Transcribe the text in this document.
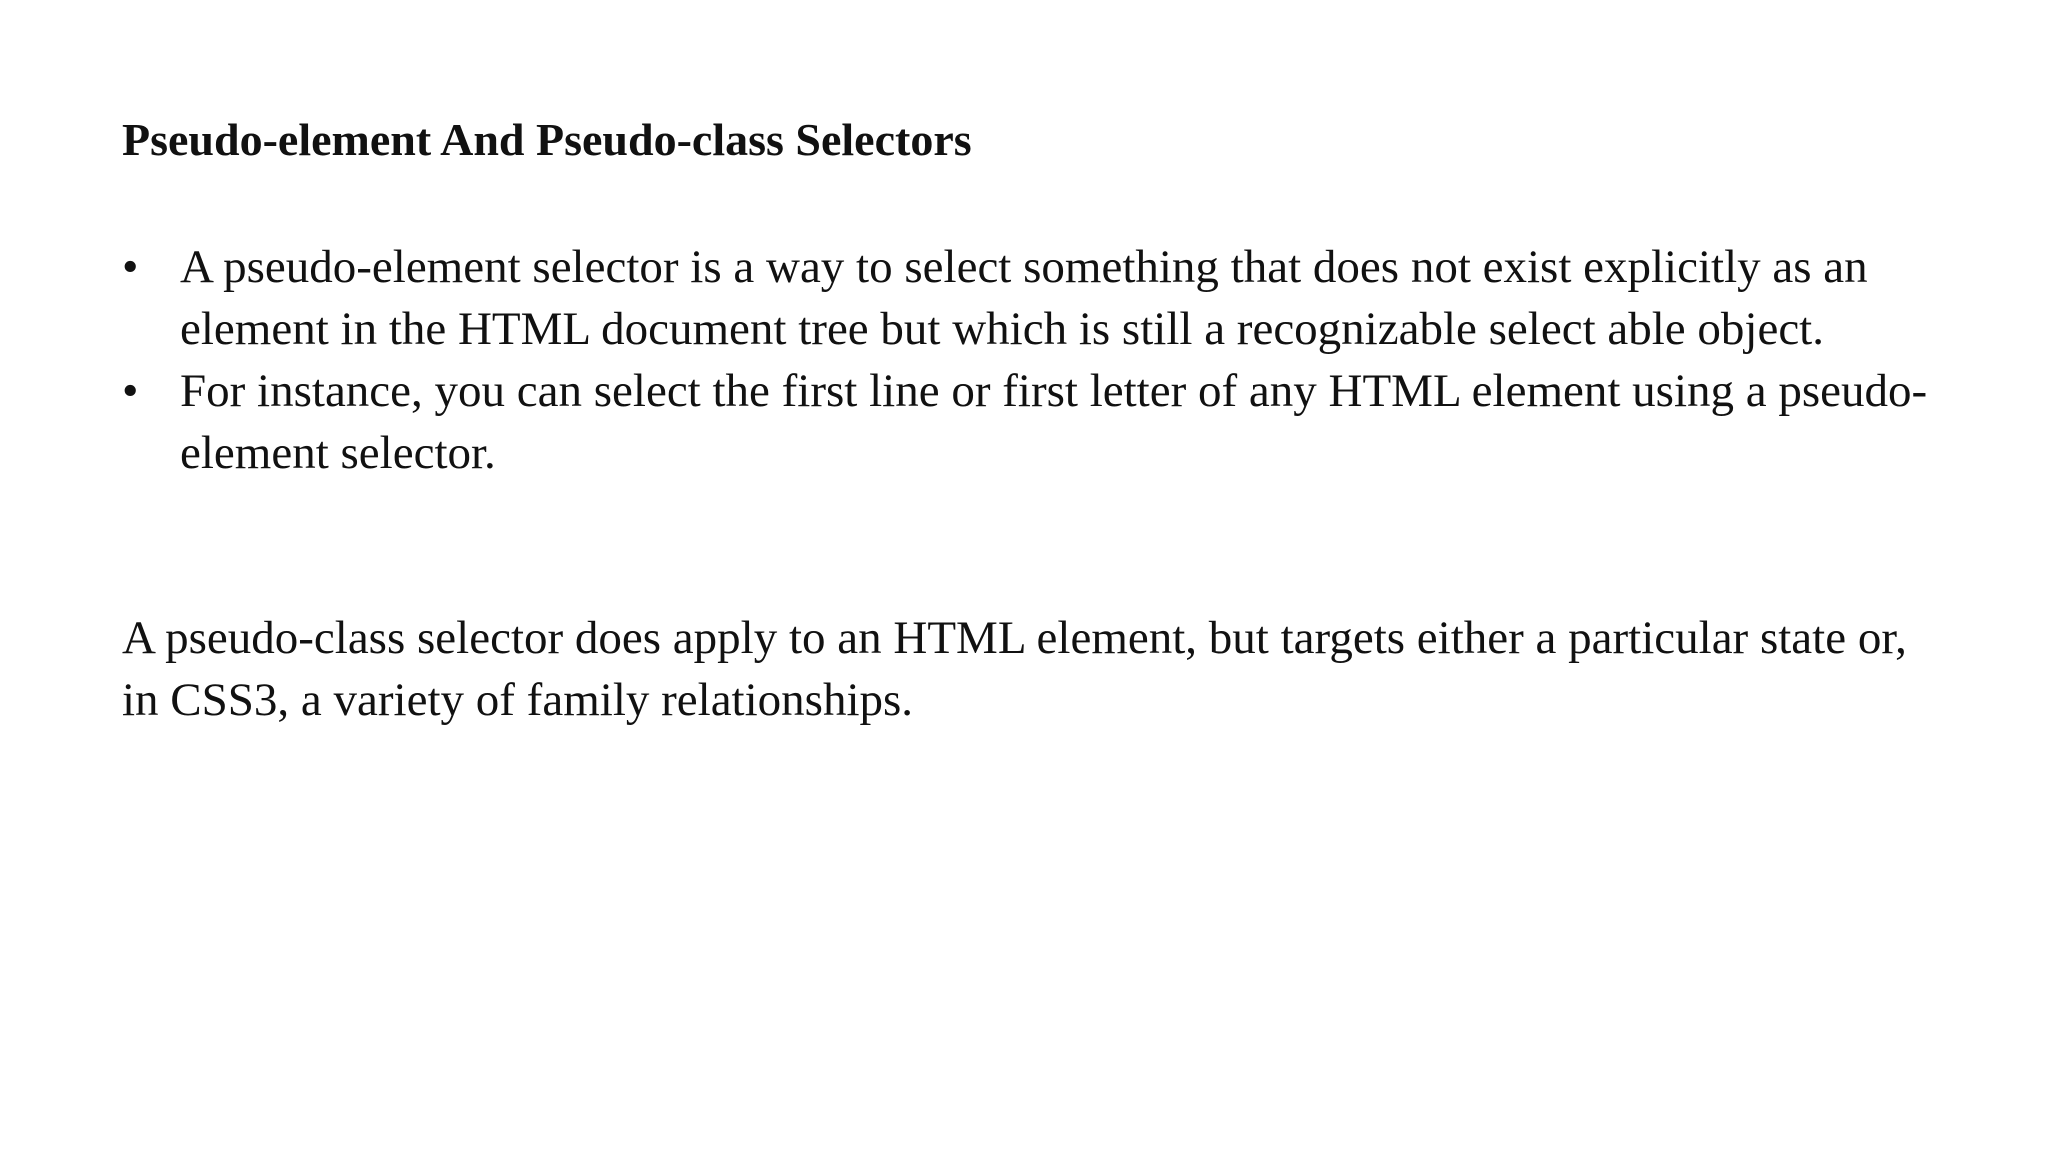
Pseudo-element And Pseudo-class Selectors
• A pseudo-element selector is a way to select something that does not exist explicitly as an element in the HTML document tree but which is still a recognizable select able object.
• For instance, you can select the first line or first letter of any HTML element using a pseudo-element selector.

A pseudo-class selector does apply to an HTML element, but targets either a particular state or, in CSS3, a variety of family relationships.
